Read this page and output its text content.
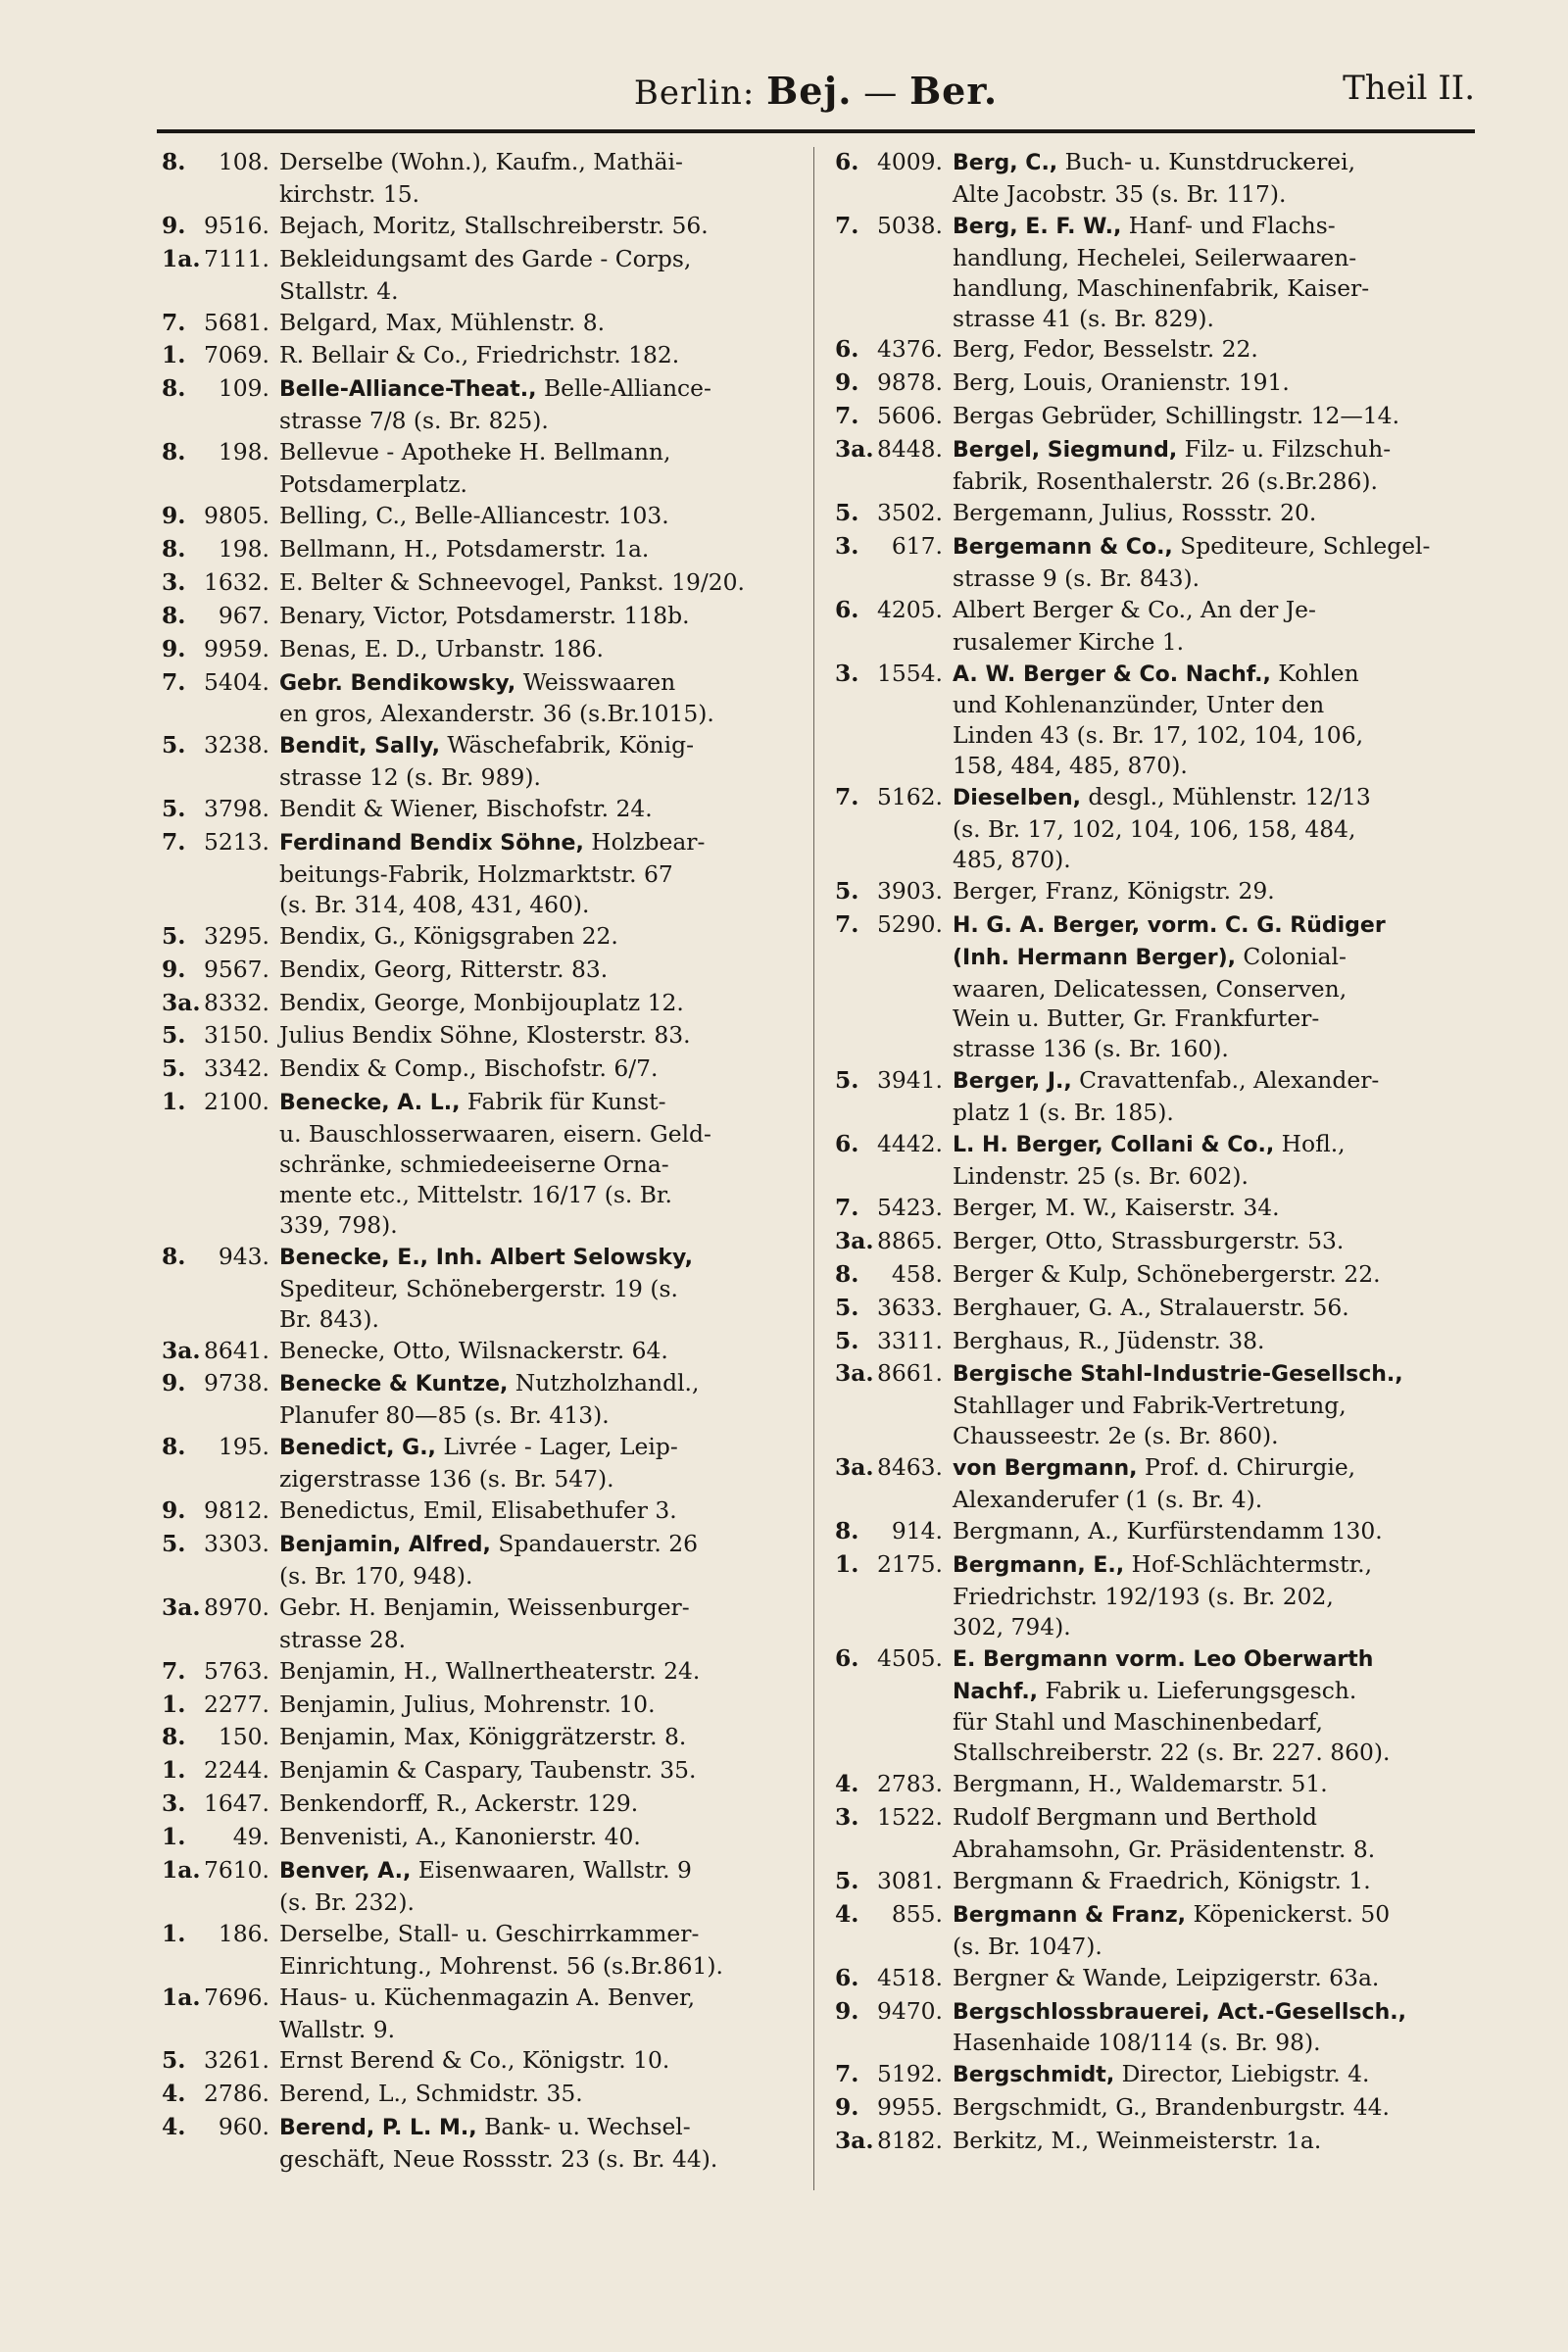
Berlin: Bej. — Ber.	Theil II.
8.	108. Derselbe (Wohn.), Kaufm., Mathäi-
kirchstr. 15.
9. 9516. Bejach, Moritz, Stallschreiberstr. 56.
1a. 7111. Bekleidungsamt des Garde - Corps,
Stallstr. 4.
7. 5681. Belgard, Max, Mühlenstr. 8.
1. 7069. R. Bellair & Co., Friedrichstr. 182.
8.	109. Belle-Alliance-Theat., Belle-Alliance-
strasse 7/8 (s. Br. 825).
8.	198. Bellevue - Apotheke H. Bellmann,
Potsdamerplatz.
9. 9805. Belling, C., Belle-Alliancestr. 103.
8.	198. Bellmann, H., Potsdamerstr. 1a.
3. 1632. E. Belter & Schneevogel, Pankst. 19/20.
8.	967. Benary, Victor, Potsdamerstr. 118b.
9. 9959. Benas, E. D., Urbanstr. 186.
7. 5404. Gebr. Bendikowsky, Weisswaaren
en gros, Alexanderstr. 36 (s.Br.1015).
5. 3238. Bendit, Sally, Wäschefabrik, König-
strasse 12 (s. Br. 989).
5. 3798. Bendit & Wiener, Bischofstr. 24.
7. 5213. Ferdinand Bendix Söhne, Holzbear-
beitungs-Fabrik, Holzmarktstr. 67
(s. Br. 314, 408, 431, 460).
5. 3295. Bendix, G., Königsgraben 22.
9. 9567. Bendix, Georg, Ritterstr. 83.
3a. 8332. Bendix, George, Monbijouplatz 12.
5. 3150. Julius Bendix Söhne, Klosterstr. 83.
5. 3342. Bendix & Comp., Bischofstr. 6/7.
1. 2100. Benecke, A. L., Fabrik für Kunst-
u. Bauschlosserwaaren, eisern. Geld-
schränke, schmiedeeiserne Orna-
mente etc., Mittelstr. 16/17 (s. Br.
339, 798).
8.	943. Benecke, E., Inh. Albert Selowsky,
Spediteur, Schönebergerstr. 19 (s.
Br. 843).
3a. 8641. Benecke, Otto, Wilsnackerstr. 64.
9. 9738. Benecke & Kuntze, Nutzholzhandl.,
Planufer 80—85 (s. Br. 413).
8.	195. Benedict, G., Livrée - Lager, Leip-
zigerstrasse 136 (s. Br. 547).
9. 9812. Benedictus, Emil, Elisabethufer 3.
5. 3303. Benjamin, Alfred, Spandauerstr. 26
(s. Br. 170, 948).
3a. 8970. Gebr. H. Benjamin, Weissenburger-
strasse 28.
7. 5763. Benjamin, H., Wallnertheaterstr. 24.
1. 2277. Benjamin, Julius, Mohrenstr. 10.
8.	150. Benjamin, Max, Königgrätzerstr. 8.
1. 2244. Benjamin & Caspary, Taubenstr. 35.
3. 1647. Benkendorff, R., Ackerstr. 129.
1.	49. Benvenisti, A., Kanonierstr. 40.
1a. 7610. Benver, A., Eisenwaaren, Wallstr. 9
(s. Br. 232).
1.	186. Derselbe, Stall- u. Geschirrkammer-
Einrichtung., Mohrenst. 56 (s.Br.861).
1a. 7696. Haus- u. Küchenmagazin A. Benver,
Wallstr. 9.
5. 3261. Ernst Berend & Co., Königstr. 10.
4. 2786. Berend, L., Schmidstr. 35.
4.	960. Berend, P. L. M., Bank- u. Wechsel-
geschäft, Neue Rossstr. 23 (s. Br. 44).
6. 4009. Berg, C., Buch- u. Kunstdruckerei,
Alte Jacobstr. 35 (s. Br. 117).
7. 5038. Berg, E. F. W., Hanf- und Flachs-
handlung, Hechelei, Seilerwaaren-
handlung, Maschinenfabrik, Kaiser-
strasse 41 (s. Br. 829).
6. 4376. Berg, Fedor, Besselstr. 22.
9. 9878. Berg, Louis, Oranienstr. 191.
7. 5606. Bergas Gebrüder, Schillingstr. 12—14.
3a. 8448. Bergel, Siegmund, Filz- u. Filzschuh-
fabrik, Rosenthalerstr. 26 (s.Br.286).
5. 3502. Bergemann, Julius, Rossstr. 20.
3.	617. Bergemann & Co., Spediteure, Schlegel-
strasse 9 (s. Br. 843).
6. 4205. Albert Berger & Co., An der Je-
rusalemer Kirche 1.
3. 1554. A. W. Berger & Co. Nachf., Kohlen
und Kohlenanzünder, Unter den
Linden 43 (s. Br. 17, 102, 104, 106,
158, 484, 485, 870).
7. 5162. Dieselben, desgl., Mühlenstr. 12/13
(s. Br. 17, 102, 104, 106, 158, 484,
485, 870).
5. 3903. Berger, Franz, Königstr. 29.
7. 5290. H. G. A. Berger, vorm. C. G. Rüdiger
(Inh. Hermann Berger), Colonial-
waaren, Delicatessen, Conserven,
Wein u. Butter, Gr. Frankfurter-
strasse 136 (s. Br. 160).
5. 3941. Berger, J., Cravattenfab., Alexander-
platz 1 (s. Br. 185).
6. 4442. L. H. Berger, Collani & Co., Hofl.,
Lindenstr. 25 (s. Br. 602).
7. 5423. Berger, M. W., Kaiserstr. 34.
3a. 8865. Berger, Otto, Strassburgerstr. 53.
8.	458. Berger & Kulp, Schönebergerstr. 22.
5. 3633. Berghauer, G. A., Stralauerstr. 56.
5. 3311. Berghaus, R., Jüdenstr. 38.
3a. 8661. Bergische Stahl-Industrie-Gesellsch.,
Stahllager und Fabrik-Vertretung,
Chausseestr. 2e (s. Br. 860).
3a. 8463. von Bergmann, Prof. d. Chirurgie,
Alexanderufer (1 (s. Br. 4).
8.	914. Bergmann, A., Kurfürstendamm 130.
1. 2175. Bergmann, E., Hof-Schlächtermstr.,
Friedrichstr. 192/193 (s. Br. 202,
302, 794).
6. 4505. E. Bergmann vorm. Leo Oberwarth
Nachf., Fabrik u. Lieferungsgesch.
für Stahl und Maschinenbedarf,
Stallschreiberstr. 22 (s. Br. 227. 860).
4. 2783. Bergmann, H., Waldemarstr. 51.
3. 1522. Rudolf Bergmann und Berthold
Abrahamsohn, Gr. Präsidentenstr. 8.
5. 3081. Bergmann & Fraedrich, Königstr. 1.
4.	855. Bergmann & Franz, Köpenickerst. 50
(s. Br. 1047).
6. 4518. Bergner & Wande, Leipzigerstr. 63a.
9. 9470. Bergschlossbrauerei, Act.-Gesellsch.,
Hasenhaide 108/114 (s. Br. 98).
7. 5192. Bergschmidt, Director, Liebigstr. 4.
9. 9955. Bergschmidt, G., Brandenburgstr. 44.
3a. 8182. Berkitz, M., Weinmeisterstr. 1a.
